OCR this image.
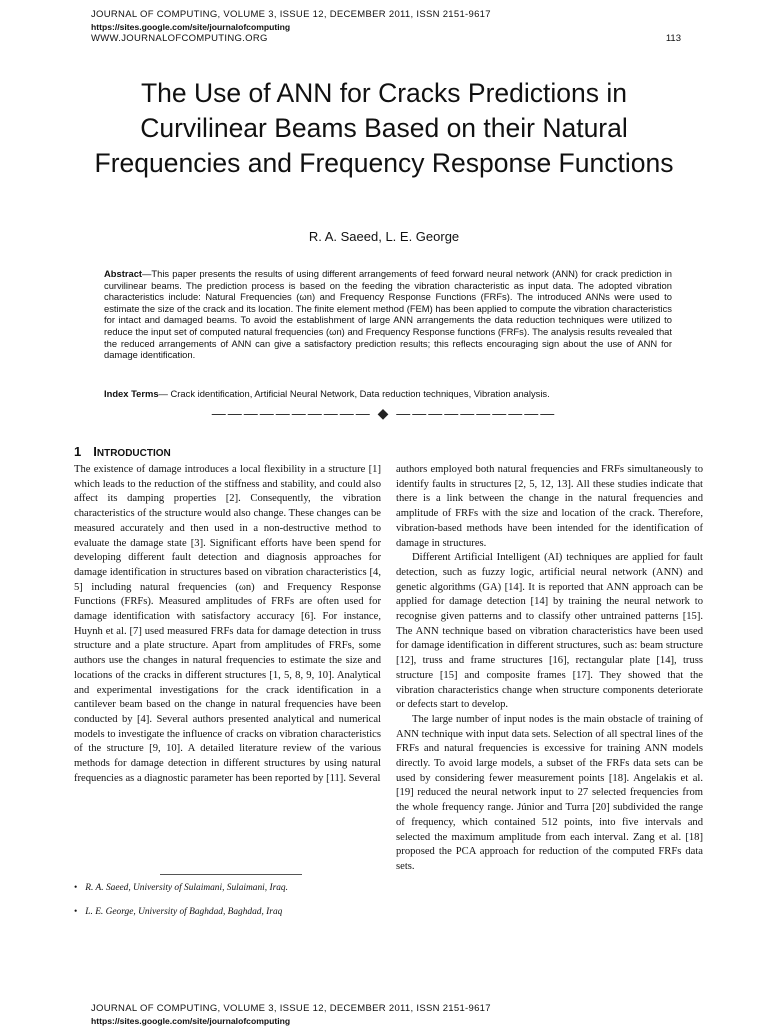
JOURNAL OF COMPUTING, VOLUME 3, ISSUE 12, DECEMBER 2011, ISSN 2151-9617
https://sites.google.com/site/journalofcomputing
WWW.JOURNALOFCOMPUTING.ORG	113
The Use of ANN for Cracks Predictions in Curvilinear Beams Based on their Natural Frequencies and Frequency Response Functions
R. A. Saeed, L. E. George
Abstract—This paper presents the results of using different arrangements of feed forward neural network (ANN) for crack prediction in curvilinear beams. The prediction process is based on the feeding the vibration characteristic as input data. The adopted vibration characteristics include: Natural Frequencies (ωn) and Frequency Response Functions (FRFs). The introduced ANNs were used to estimate the size of the crack and its location. The finite element method (FEM) has been applied to compute the vibration characteristics for intact and damaged beams. To avoid the establishment of large ANN arrangements the data reduction techniques were utilized to reduce the input set of computed natural frequencies (ωn) and Frequency Response functions (FRFs). The analysis results revealed that the reduced arrangements of ANN can give a satisfactory prediction results; this reflects encouraging sign about the use of ANN for damage identification.
Index Terms— Crack identification, Artificial Neural Network, Data reduction techniques, Vibration analysis.
—————————— ◆ ——————————
1 INTRODUCTION

The existence of damage introduces a local flexibility in a structure [1] which leads to the reduction of the stiffness and stability, and could also affect its damping properties [2]. Consequently, the vibration characteristics of the structure would also change. These changes can be measured accurately and then used in a non-destructive method to evaluate the damage state [3]. Significant efforts have been spend for developing different fault detection and diagnosis approaches for damage identification in structures based on vibration characteristics [4, 5] including natural frequencies (ωn) and Frequency Response Functions (FRFs). Measured amplitudes of FRFs are often used for damage identification with satisfactory accuracy [6]. For instance, Huynh et al. [7] used measured FRFs data for damage detection in truss structure and a plate structure. Apart from amplitudes of FRFs, some authors use the changes in natural frequencies to estimate the size and locations of the cracks in different structures [1, 5, 8, 9, 10]. Analytical and experimental investigations for the crack identification in a cantilever beam based on the change in natural frequencies have been conducted by [4]. Several authors presented analytical and numerical models to investigate the influence of cracks on vibration characteristics of the structure [9, 10]. A detailed literature review of the various methods for damage detection in different structures by using natural frequencies as a diagnostic parameter has been reported by [11]. Several

authors employed both natural frequencies and FRFs simultaneously to identify faults in structures [2, 5, 12, 13]. All these studies indicate that there is a link between the change in the natural frequencies and amplitude of FRFs with the size and location of the crack. Therefore, vibration-based methods have been intended for the identification of damage in structures.

Different Artificial Intelligent (AI) techniques are applied for fault detection, such as fuzzy logic, artificial neural network (ANN) and genetic algorithms (GA) [14]. It is reported that ANN approach can be applied for damage detection [14] by training the neural network to recognise given patterns and to classify other untrained patterns [15]. The ANN technique based on vibration characteristics have been used for damage identification in different structures, such as: beam structure [12], truss and frame structures [16], rectangular plate [14], truss structure [15] and composite frames [17]. They showed that the vibration characteristics change when structure components deteriorate or defects start to develop.

The large number of input nodes is the main obstacle of training of ANN technique with input data sets. Selection of all spectral lines of the FRFs and natural frequencies is excessive for training ANN models directly. To avoid large models, a subset of the FRFs data sets can be used by considering fewer measurement points [18]. Angelakis et al. [19] reduced the neural network input to 27 selected frequencies from the whole frequency range. Júnior and Turra [20] subdivided the range of frequency, which contained 512 points, into five intervals and selected the maximum amplitude from each interval. Zang et al. [18] proposed the PCA approach for reduction of the computed FRFs data sets.

• R. A. Saeed, University of Sulaimani, Sulaimani, Iraq.
• L. E. George, University of Baghdad, Baghdad, Iraq
JOURNAL OF COMPUTING, VOLUME 3, ISSUE 12, DECEMBER 2011, ISSN 2151-9617
https://sites.google.com/site/journalofcomputing
